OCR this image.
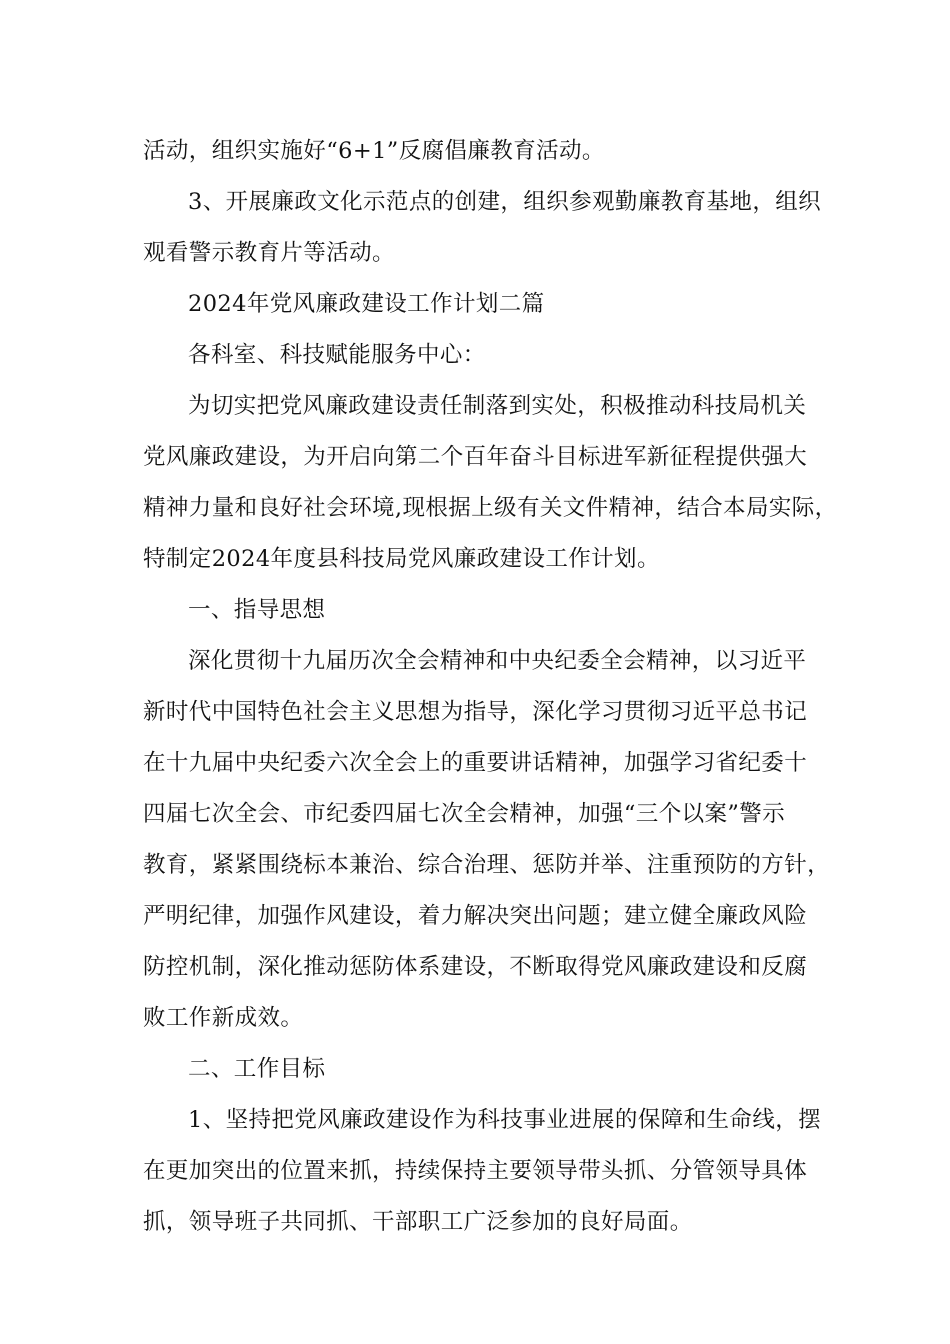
活动，组织实施好“6+1”反腐倡廉教育活动。

3、开展廉政文化示范点的创建，组织参观勤廉教育基地，组织
观看警示教育片等活动。

2024年党风廉政建设工作计划二篇

各科室、科技赋能服务中心：

为切实把党风廉政建设责任制落到实处，积极推动科技局机关
党风廉政建设，为开启向第二个百年奋斗目标进军新征程提供强大
精神力量和良好社会环境,现根据上级有关文件精神，结合本局实际，
特制定2024年度县科技局党风廉政建设工作计划。

一、指导思想

深化贯彻十九届历次全会精神和中央纪委全会精神，以习近平
新时代中国特色社会主义思想为指导，深化学习贯彻习近平总书记
在十九届中央纪委六次全会上的重要讲话精神，加强学习省纪委十
四届七次全会、市纪委四届七次全会精神，加强“三个以案”警示
教育，紧紧围绕标本兼治、综合治理、惩防并举、注重预防的方针，
严明纪律，加强作风建设，着力解决突出问题；建立健全廉政风险
防控机制，深化推动惩防体系建设，不断取得党风廉政建设和反腐
败工作新成效。

二、工作目标

1、坚持把党风廉政建设作为科技事业进展的保障和生命线，摆
在更加突出的位置来抓，持续保持主要领导带头抓、分管领导具体
抓，领导班子共同抓、干部职工广泛参加的良好局面。
